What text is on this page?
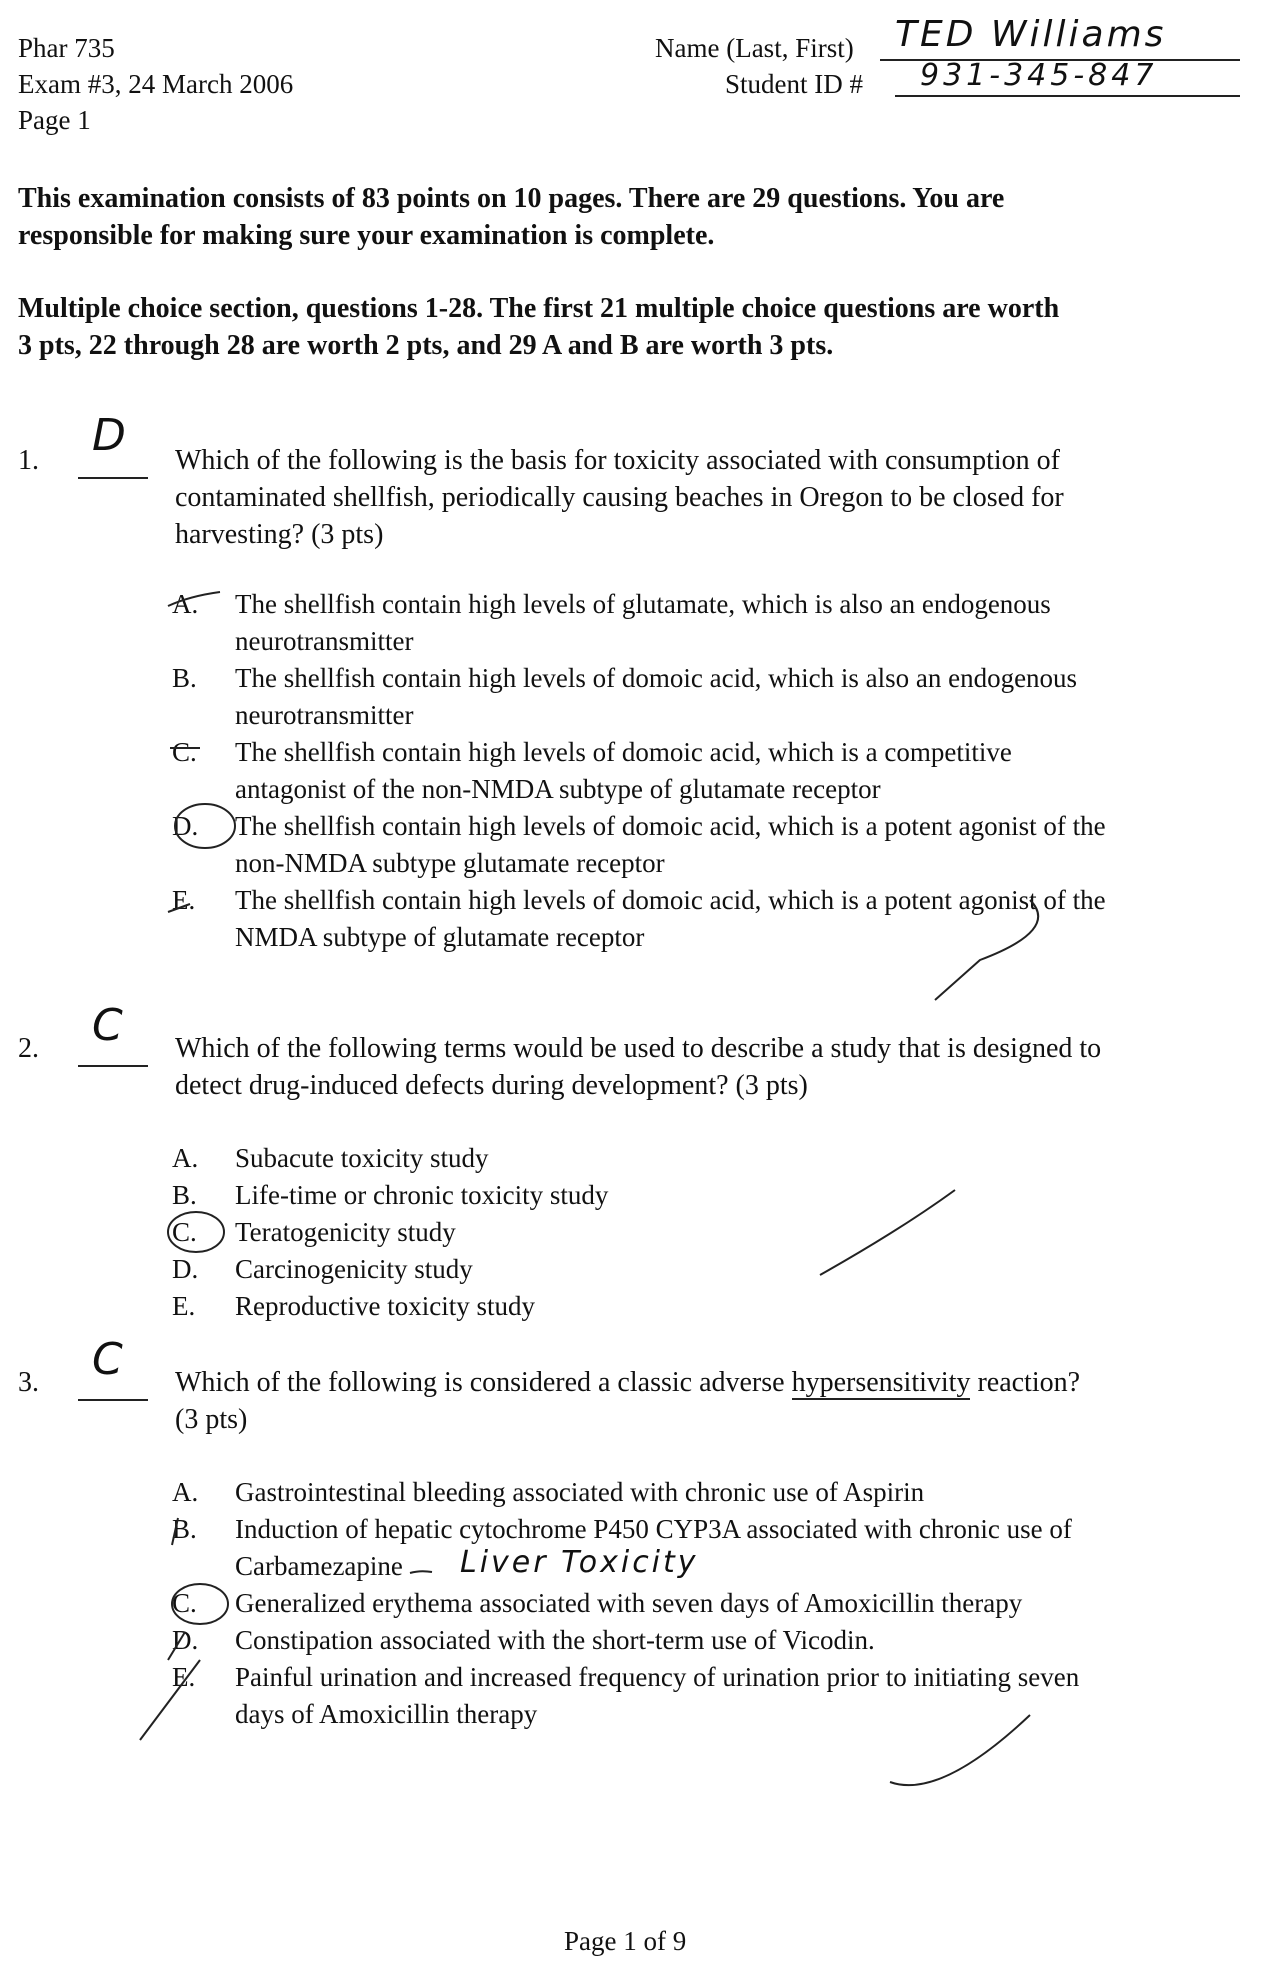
Phar 735
Exam #3, 24 March 2006
Page 1
Name (Last, First) TED Williams
Student ID # 931-345-847
This examination consists of 83 points on 10 pages. There are 29 questions. You are
responsible for making sure your examination is complete.
Multiple choice section, questions 1-28. The first 21 multiple choice questions are worth
3 pts, 22 through 28 are worth 2 pts, and 29 A and B are worth 3 pts.
1. D Which of the following is the basis for toxicity associated with consumption of
contaminated shellfish, periodically causing beaches in Oregon to be closed for
harvesting? (3 pts)
A. The shellfish contain high levels of glutamate, which is also an endogenous
neurotransmitter
B. The shellfish contain high levels of domoic acid, which is also an endogenous
neurotransmitter
C. The shellfish contain high levels of domoic acid, which is a competitive
antagonist of the non-NMDA subtype of glutamate receptor
D. The shellfish contain high levels of domoic acid, which is a potent agonist of the
non-NMDA subtype glutamate receptor
E. The shellfish contain high levels of domoic acid, which is a potent agonist of the
NMDA subtype of glutamate receptor
2. C Which of the following terms would be used to describe a study that is designed to
detect drug-induced defects during development? (3 pts)
A. Subacute toxicity study
B. Life-time or chronic toxicity study
C. Teratogenicity study
D. Carcinogenicity study
E. Reproductive toxicity study
3. C Which of the following is considered a classic adverse hypersensitivity reaction?
(3 pts)
A. Gastrointestinal bleeding associated with chronic use of Aspirin
B. Induction of hepatic cytochrome P450 CYP3A associated with chronic use of
Carbamezapine	Liver Toxicity
C. Generalized erythema associated with seven days of Amoxicillin therapy
D. Constipation associated with the short-term use of Vicodin.
E. Painful urination and increased frequency of urination prior to initiating seven
days of Amoxicillin therapy
Page 1 of 9
